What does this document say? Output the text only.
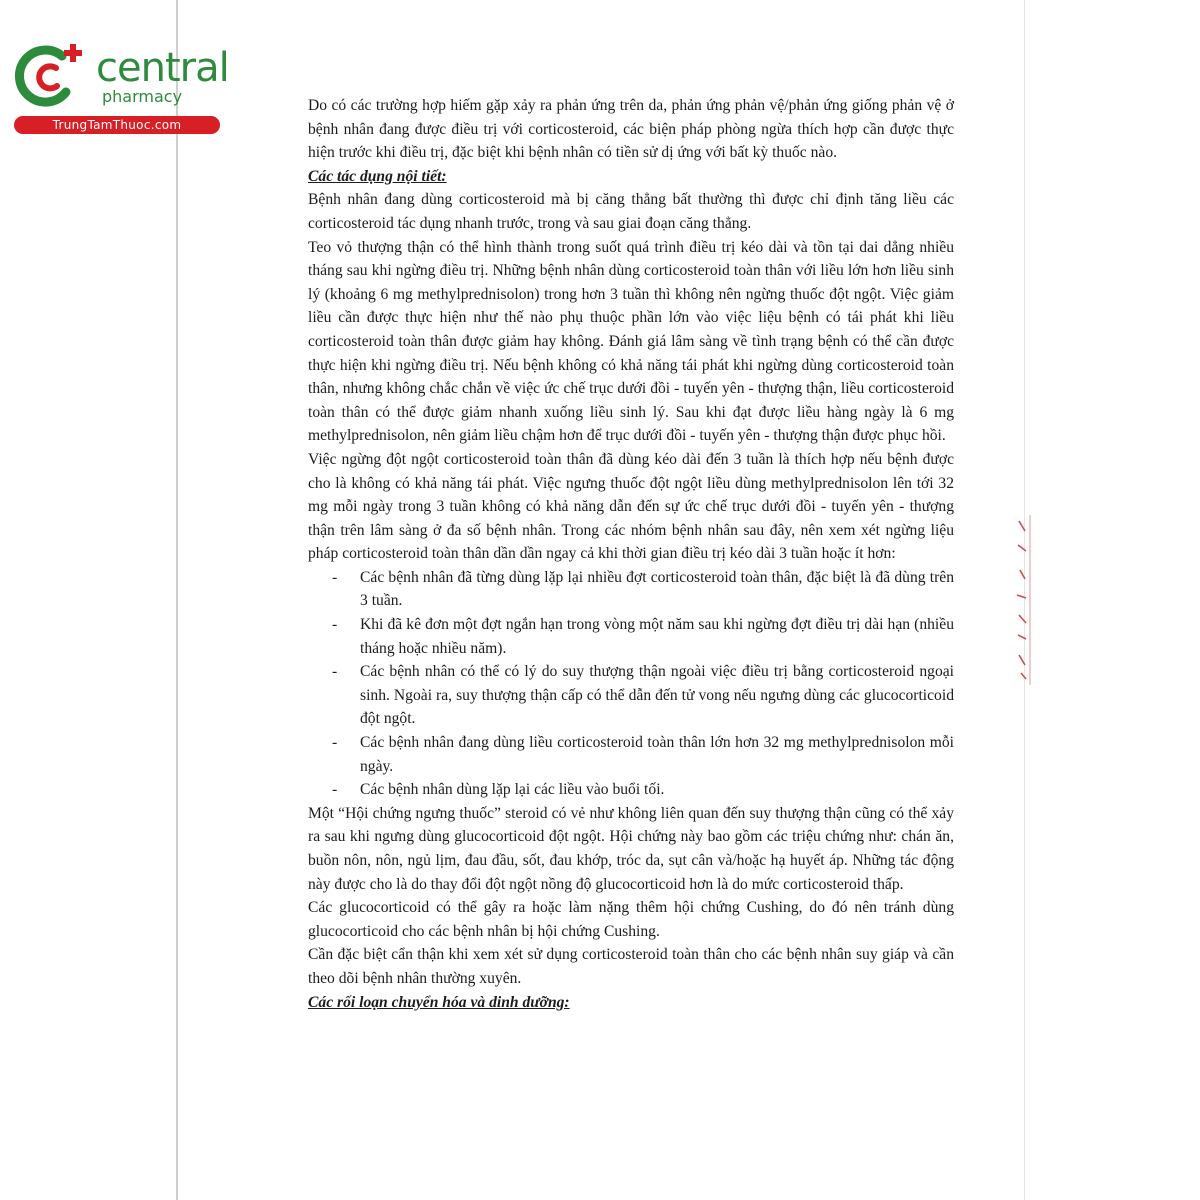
central
pharmacy
TrungTamThuoc.com

Do có các trường hợp hiếm gặp xảy ra phản ứng trên da, phản ứng phản vệ/phản ứng giống phản vệ ở bệnh nhân đang được điều trị với corticosteroid, các biện pháp phòng ngừa thích hợp cần được thực hiện trước khi điều trị, đặc biệt khi bệnh nhân có tiền sử dị ứng với bất kỳ thuốc nào.

Các tác dụng nội tiết:

Bệnh nhân đang dùng corticosteroid mà bị căng thẳng bất thường thì được chỉ định tăng liều các corticosteroid tác dụng nhanh trước, trong và sau giai đoạn căng thẳng.

Teo vỏ thượng thận có thể hình thành trong suốt quá trình điều trị kéo dài và tồn tại dai dẳng nhiều tháng sau khi ngừng điều trị. Những bệnh nhân dùng corticosteroid toàn thân với liều lớn hơn liều sinh lý (khoảng 6 mg methylprednisolon) trong hơn 3 tuần thì không nên ngừng thuốc đột ngột. Việc giảm liều cần được thực hiện như thế nào phụ thuộc phần lớn vào việc liệu bệnh có tái phát khi liều corticosteroid toàn thân được giảm hay không. Đánh giá lâm sàng về tình trạng bệnh có thể cần được thực hiện khi ngừng điều trị. Nếu bệnh không có khả năng tái phát khi ngừng dùng corticosteroid toàn thân, nhưng không chắc chắn về việc ức chế trục dưới đồi - tuyến yên - thượng thận, liều corticosteroid toàn thân có thể được giảm nhanh xuống liều sinh lý. Sau khi đạt được liều hàng ngày là 6 mg methylprednisolon, nên giảm liều chậm hơn để trục dưới đồi - tuyến yên - thượng thận được phục hồi.

Việc ngừng đột ngột corticosteroid toàn thân đã dùng kéo dài đến 3 tuần là thích hợp nếu bệnh được cho là không có khả năng tái phát. Việc ngưng thuốc đột ngột liều dùng methylprednisolon lên tới 32 mg mỗi ngày trong 3 tuần không có khả năng dẫn đến sự ức chế trục dưới đồi - tuyến yên - thượng thận trên lâm sàng ở đa số bệnh nhân. Trong các nhóm bệnh nhân sau đây, nên xem xét ngừng liệu pháp corticosteroid toàn thân dần dần ngay cả khi thời gian điều trị kéo dài 3 tuần hoặc ít hơn:

- Các bệnh nhân đã từng dùng lặp lại nhiều đợt corticosteroid toàn thân, đặc biệt là đã dùng trên 3 tuần.
- Khi đã kê đơn một đợt ngắn hạn trong vòng một năm sau khi ngừng đợt điều trị dài hạn (nhiều tháng hoặc nhiều năm).
- Các bệnh nhân có thể có lý do suy thượng thận ngoài việc điều trị bằng corticosteroid ngoại sinh. Ngoài ra, suy thượng thận cấp có thể dẫn đến tử vong nếu ngưng dùng các glucocorticoid đột ngột.
- Các bệnh nhân đang dùng liều corticosteroid toàn thân lớn hơn 32 mg methylprednisolon mỗi ngày.
- Các bệnh nhân dùng lặp lại các liều vào buổi tối.

Một “Hội chứng ngưng thuốc” steroid có vẻ như không liên quan đến suy thượng thận cũng có thể xảy ra sau khi ngưng dùng glucocorticoid đột ngột. Hội chứng này bao gồm các triệu chứng như: chán ăn, buồn nôn, nôn, ngủ lịm, đau đầu, sốt, đau khớp, tróc da, sụt cân và/hoặc hạ huyết áp. Những tác động này được cho là do thay đổi đột ngột nồng độ glucocorticoid hơn là do mức corticosteroid thấp.

Các glucocorticoid có thể gây ra hoặc làm nặng thêm hội chứng Cushing, do đó nên tránh dùng glucocorticoid cho các bệnh nhân bị hội chứng Cushing.

Cần đặc biệt cẩn thận khi xem xét sử dụng corticosteroid toàn thân cho các bệnh nhân suy giáp và cần theo dõi bệnh nhân thường xuyên.

Các rối loạn chuyển hóa và dinh dưỡng:
